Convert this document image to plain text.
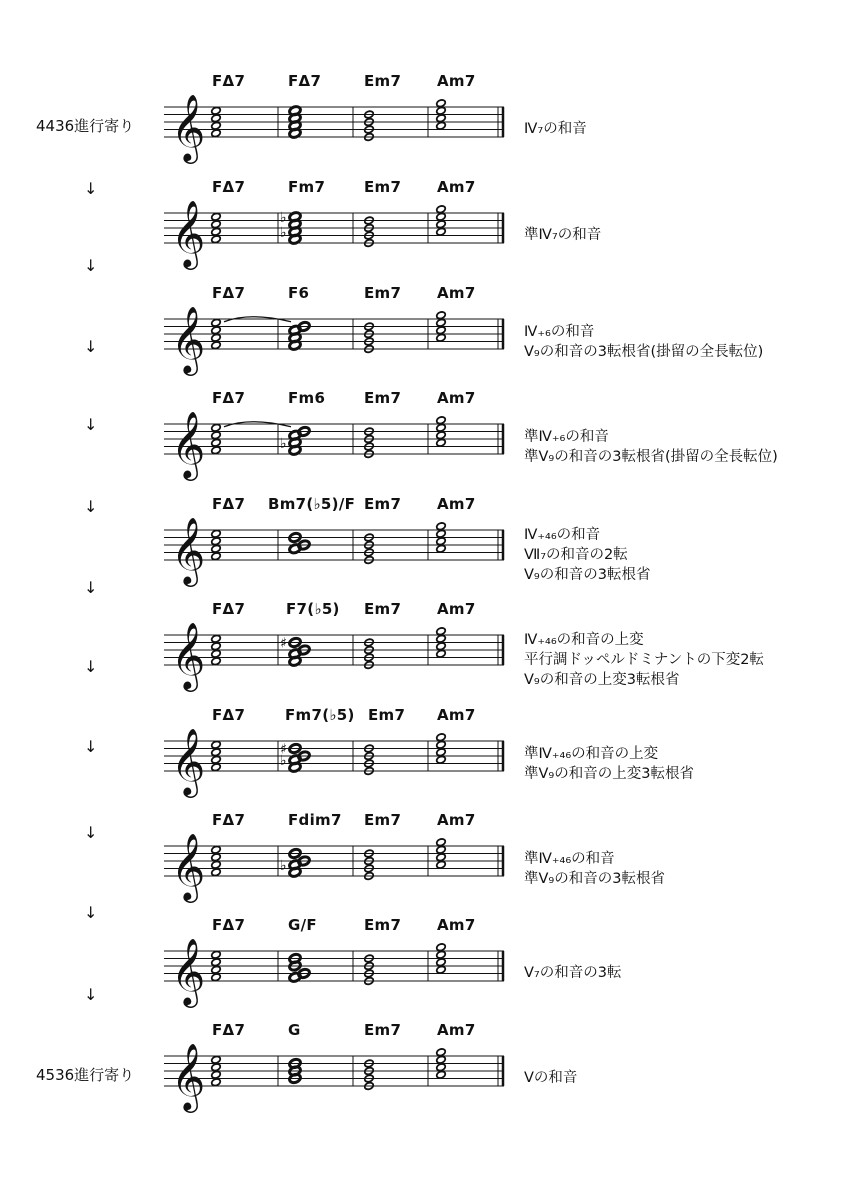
4436進行寄り
4536進行寄り
FΔ7	FΔ7	Em7 Am7
𝄞	Ⅳ₇の和音
FΔ7	Fm7	Em7 Am7
𝄞	♭
♭
準Ⅳ₇の和音
FΔ7	F6	Em7 Am7
𝄞	Ⅳ₊₆の和音
Ⅴ₉の和音の3転根省(掛留の全長転位)
FΔ7	Fm6	Em7 Am7
𝄞	♭	準Ⅳ₊₆の和音
準Ⅴ₉の和音の3転根省(掛留の全長転位)
FΔ7 Bm7(♭5)/F Em7 Am7
𝄞	Ⅳ₊₄₆の和音
Ⅶ₇の和音の2転
Ⅴ₉の和音の3転根省
FΔ7	F7(♭5) Em7 Am7
𝄞	♯	Ⅳ₊₄₆の和音の上変
平行調ドッペルドミナントの下変2転
Ⅴ₉の和音の上変3転根省
FΔ7	Fm7(♭5) Em7 Am7
𝄞	♭
♯	準Ⅳ₊₄₆の和音の上変
準Ⅴ₉の和音の上変3転根省
FΔ7	Fdim7 Em7 Am7
𝄞	♭	準Ⅳ₊₄₆の和音
準Ⅴ₉の和音の3転根省
FΔ7	G/F	Em7 Am7
𝄞	Ⅴ₇の和音の3転
FΔ7	G	Em7 Am7
𝄞	Ⅴの和音
↓
↓
↓
↓
↓
↓
↓
↓
↓
↓
↓
